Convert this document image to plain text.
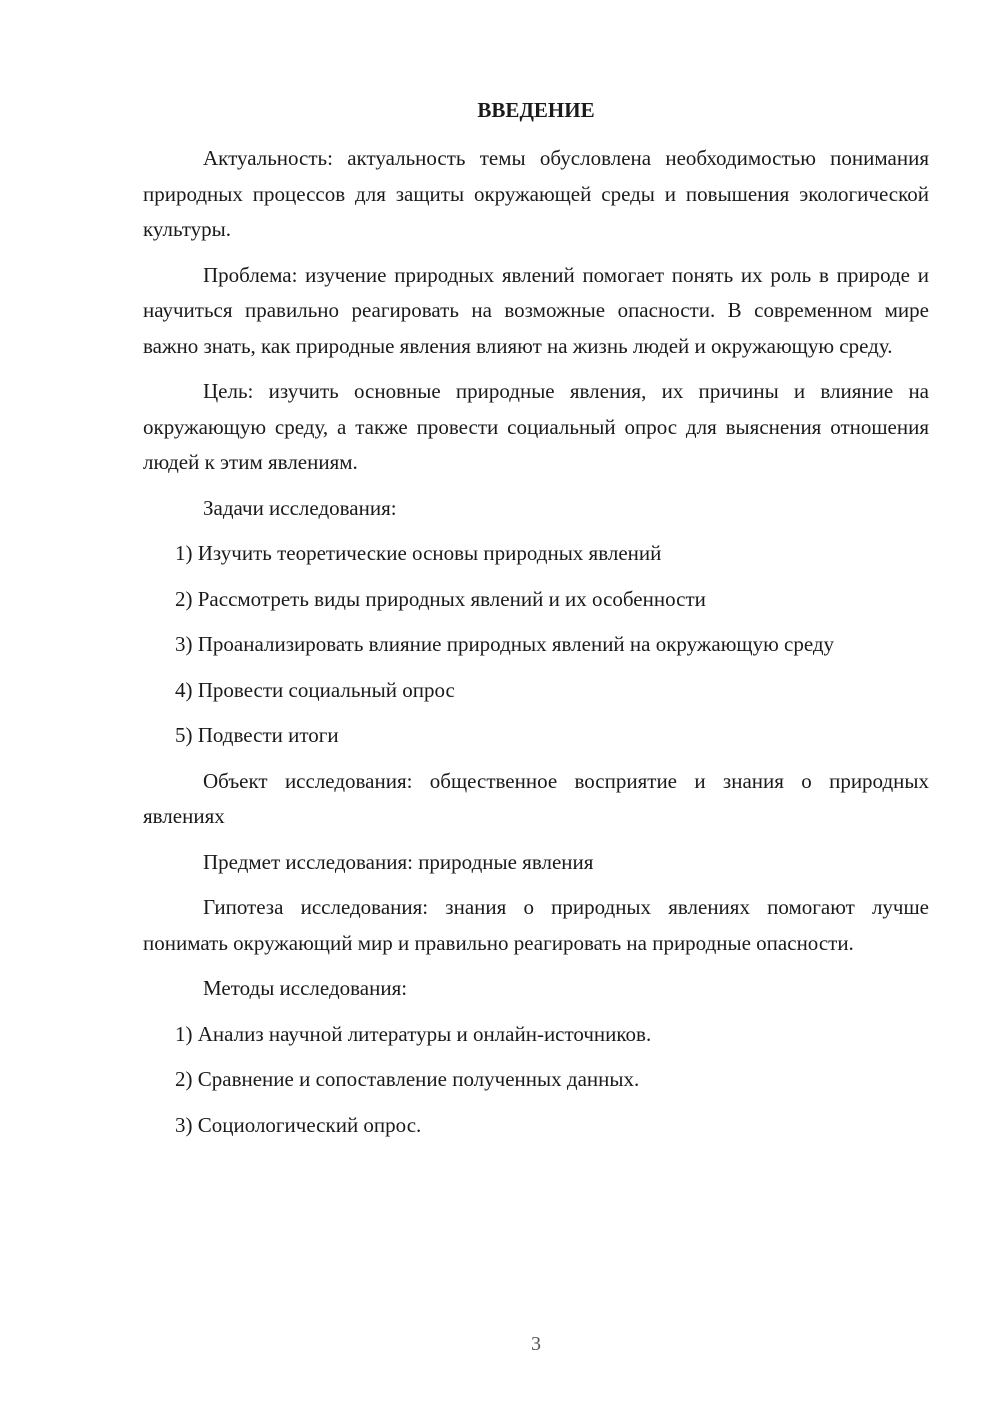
ВВЕДЕНИЕ

Актуальность: актуальность темы обусловлена необходимостью понимания природных процессов для защиты окружающей среды и повышения экологической культуры.

Проблема: изучение природных явлений помогает понять их роль в природе и научиться правильно реагировать на возможные опасности. В современном мире важно знать, как природные явления влияют на жизнь людей и окружающую среду.

Цель: изучить основные природные явления, их причины и влияние на окружающую среду, а также провести социальный опрос для выяснения отношения людей к этим явлениям.

Задачи исследования:

1) Изучить теоретические основы природных явлений

2) Рассмотреть виды природных явлений и их особенности

3) Проанализировать влияние природных явлений на окружающую среду

4) Провести социальный опрос

5) Подвести итоги

Объект исследования: общественное восприятие и знания о природных явлениях

Предмет исследования: природные явления

Гипотеза исследования: знания о природных явлениях помогают лучше понимать окружающий мир и правильно реагировать на природные опасности.

Методы исследования:

1) Анализ научной литературы и онлайн-источников.

2) Сравнение и сопоставление полученных данных.

3) Социологический опрос.

3
